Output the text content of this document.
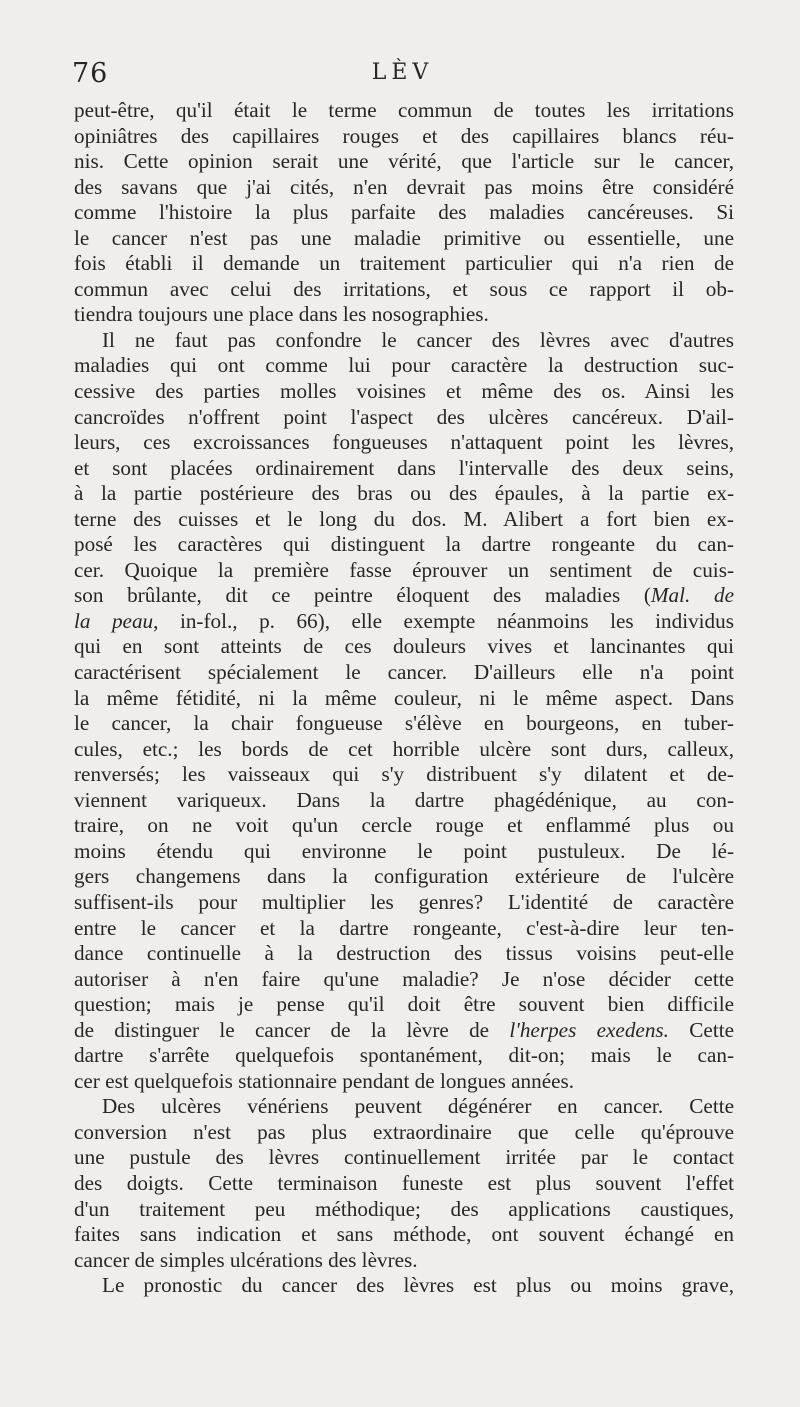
76	LÈV
peut-être, qu'il était le terme commun de toutes les irritations
opiniâtres des capillaires rouges et des capillaires blancs réu-
nis. Cette opinion serait une vérité, que l'article sur le cancer,
des savans que j'ai cités, n'en devrait pas moins être considéré
comme l'histoire la plus parfaite des maladies cancéreuses. Si
le cancer n'est pas une maladie primitive ou essentielle, une
fois établi il demande un traitement particulier qui n'a rien de
commun avec celui des irritations, et sous ce rapport il ob-
tiendra toujours une place dans les nosographies.
Il ne faut pas confondre le cancer des lèvres avec d'autres
maladies qui ont comme lui pour caractère la destruction suc-
cessive des parties molles voisines et même des os. Ainsi les
cancroïdes n'offrent point l'aspect des ulcères cancéreux. D'ail-
leurs, ces excroissances fongueuses n'attaquent point les lèvres,
et sont placées ordinairement dans l'intervalle des deux seins,
à la partie postérieure des bras ou des épaules, à la partie ex-
terne des cuisses et le long du dos. M. Alibert a fort bien ex-
posé les caractères qui distinguent la dartre rongeante du can-
cer. Quoique la première fasse éprouver un sentiment de cuis-
son brûlante, dit ce peintre éloquent des maladies (Mal. de
la peau, in-fol., p. 66), elle exempte néanmoins les individus
qui en sont atteints de ces douleurs vives et lancinantes qui
caractérisent spécialement le cancer. D'ailleurs elle n'a point
la même fétidité, ni la même couleur, ni le même aspect. Dans
le cancer, la chair fongueuse s'élève en bourgeons, en tuber-
cules, etc.; les bords de cet horrible ulcère sont durs, calleux,
renversés; les vaisseaux qui s'y distribuent s'y dilatent et de-
viennent variqueux. Dans la dartre phagédénique, au con-
traire, on ne voit qu'un cercle rouge et enflammé plus ou
moins étendu qui environne le point pustuleux. De lé-
gers changemens dans la configuration extérieure de l'ulcère
suffisent-ils pour multiplier les genres? L'identité de caractère
entre le cancer et la dartre rongeante, c'est-à-dire leur ten-
dance continuelle à la destruction des tissus voisins peut-elle
autoriser à n'en faire qu'une maladie? Je n'ose décider cette
question; mais je pense qu'il doit être souvent bien difficile
de distinguer le cancer de la lèvre de l'herpes exedens. Cette
dartre s'arrête quelquefois spontanément, dit-on; mais le can-
cer est quelquefois stationnaire pendant de longues années.
Des ulcères vénériens peuvent dégénérer en cancer. Cette
conversion n'est pas plus extraordinaire que celle qu'éprouve
une pustule des lèvres continuellement irritée par le contact
des doigts. Cette terminaison funeste est plus souvent l'effet
d'un traitement peu méthodique; des applications caustiques,
faites sans indication et sans méthode, ont souvent échangé en
cancer de simples ulcérations des lèvres.
Le pronostic du cancer des lèvres est plus ou moins grave,
